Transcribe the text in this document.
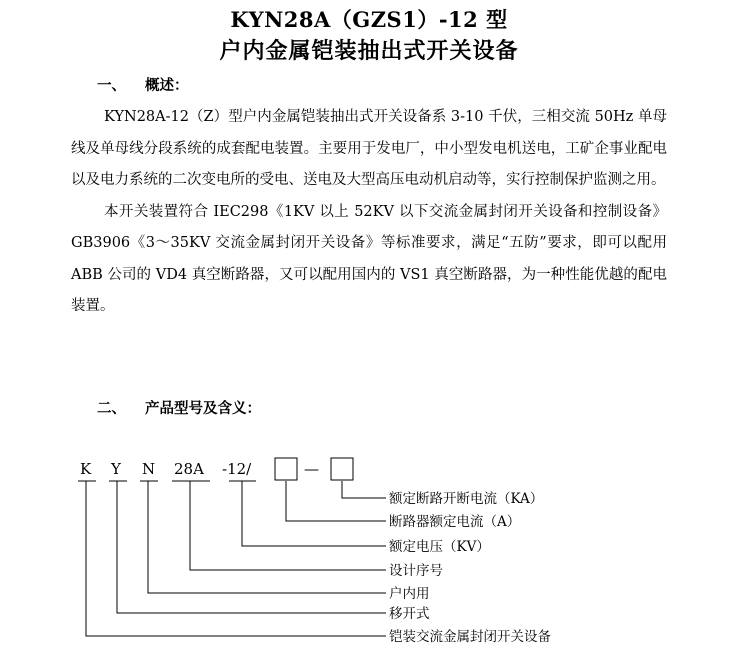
KYN28A（GZS1）-12 型
户内金属铠装抽出式开关设备
一、 概述：

KYN28A-12（Z）型户内金属铠装抽出式开关设备系 3-10 千伏，三相交流 50Hz 单母线及单母线分段系统的成套配电装置。主要用于发电厂，中小型发电机送电，工矿企事业配电以及电力系统的二次变电所的受电、送电及大型高压电动机启动等，实行控制保护监测之用。

本开关装置符合 IEC298《1KV 以上 52KV 以下交流金属封闭开关设备和控制设备》GB3906《3～35KV 交流金属封闭开关设备》等标准要求，满足“五防”要求，即可以配用 ABB 公司的 VD4 真空断路器，又可以配用国内的 VS1 真空断路器，为一种性能优越的配电装置。

二、 产品型号及含义：
K Y N 28A -12/	—
额定断路开断电流（KA）
断路器额定电流（A）
额定电压（KV）
设计序号
户内用
移开式
铠装交流金属封闭开关设备
